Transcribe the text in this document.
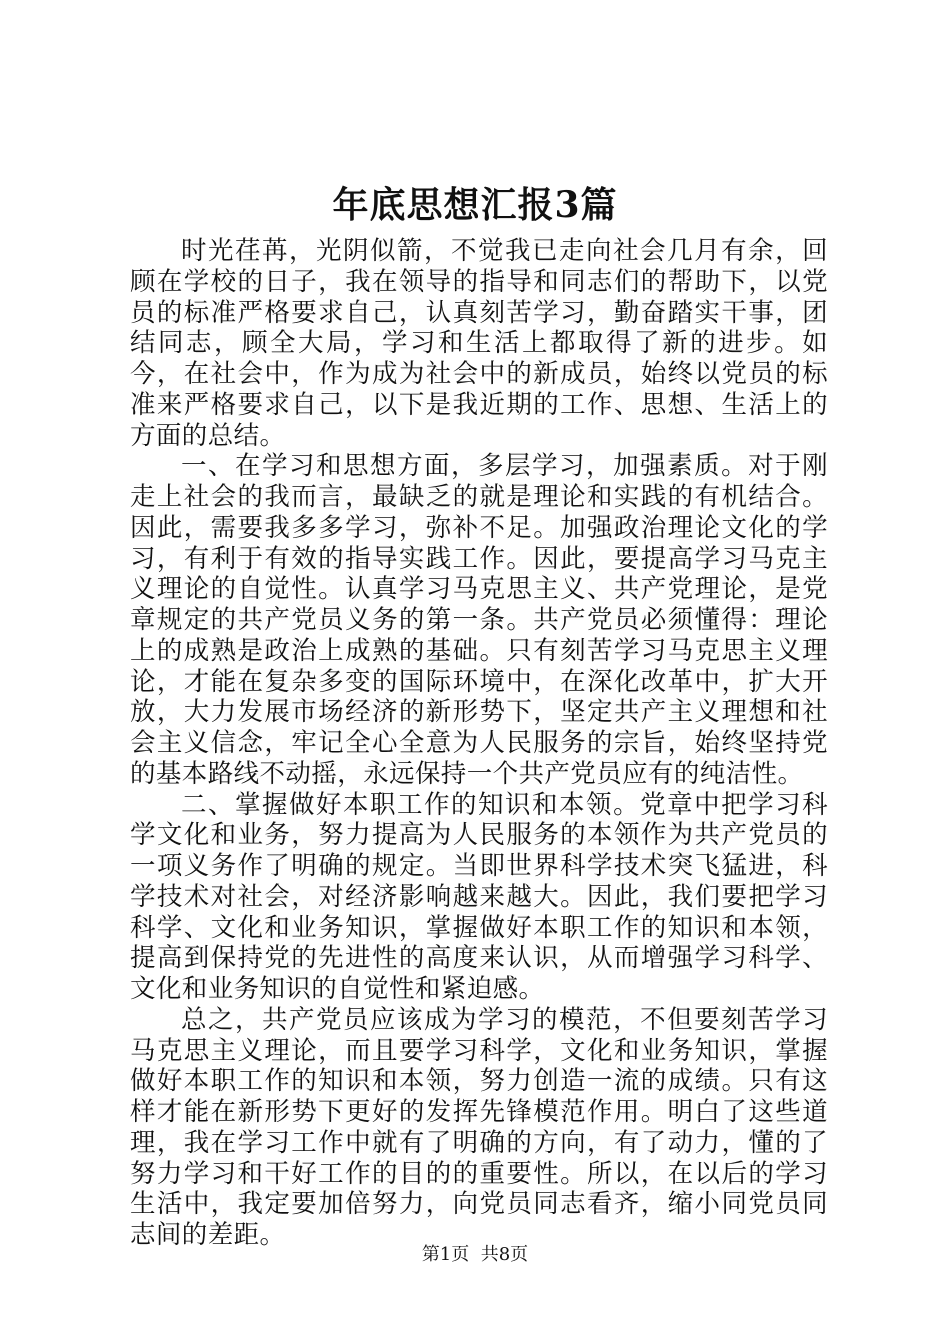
年底思想汇报3篇

时光荏苒，光阴似箭，不觉我已走向社会几月有余，回顾在学校的日子，我在领导的指导和同志们的帮助下，以党员的标准严格要求自己，认真刻苦学习，勤奋踏实干事，团结同志，顾全大局，学习和生活上都取得了新的进步。如今，在社会中，作为成为社会中的新成员，始终以党员的标准来严格要求自己，以下是我近期的工作、思想、生活上的方面的总结。

一、在学习和思想方面，多层学习，加强素质。对于刚走上社会的我而言，最缺乏的就是理论和实践的有机结合。因此，需要我多多学习，弥补不足。加强政治理论文化的学习，有利于有效的指导实践工作。因此，要提高学习马克主义理论的自觉性。认真学习马克思主义、共产党理论，是党章规定的共产党员义务的第一条。共产党员必须懂得：理论上的成熟是政治上成熟的基础。只有刻苦学习马克思主义理论，才能在复杂多变的国际环境中，在深化改革中，扩大开放，大力发展市场经济的新形势下，坚定共产主义理想和社会主义信念，牢记全心全意为人民服务的宗旨，始终坚持党的基本路线不动摇，永远保持一个共产党员应有的纯洁性。

二、掌握做好本职工作的知识和本领。党章中把学习科学文化和业务，努力提高为人民服务的本领作为共产党员的一项义务作了明确的规定。当即世界科学技术突飞猛进，科学技术对社会，对经济影响越来越大。因此，我们要把学习科学、文化和业务知识，掌握做好本职工作的知识和本领，提高到保持党的先进性的高度来认识，从而增强学习科学、文化和业务知识的自觉性和紧迫感。

总之，共产党员应该成为学习的模范，不但要刻苦学习马克思主义理论，而且要学习科学，文化和业务知识，掌握做好本职工作的知识和本领，努力创造一流的成绩。只有这样才能在新形势下更好的发挥先锋模范作用。明白了这些道理，我在学习工作中就有了明确的方向，有了动力，懂的了努力学习和干好工作的目的的重要性。所以，在以后的学习生活中，我定要加倍努力，向党员同志看齐，缩小同党员同志间的差距。

第1页 共8页
